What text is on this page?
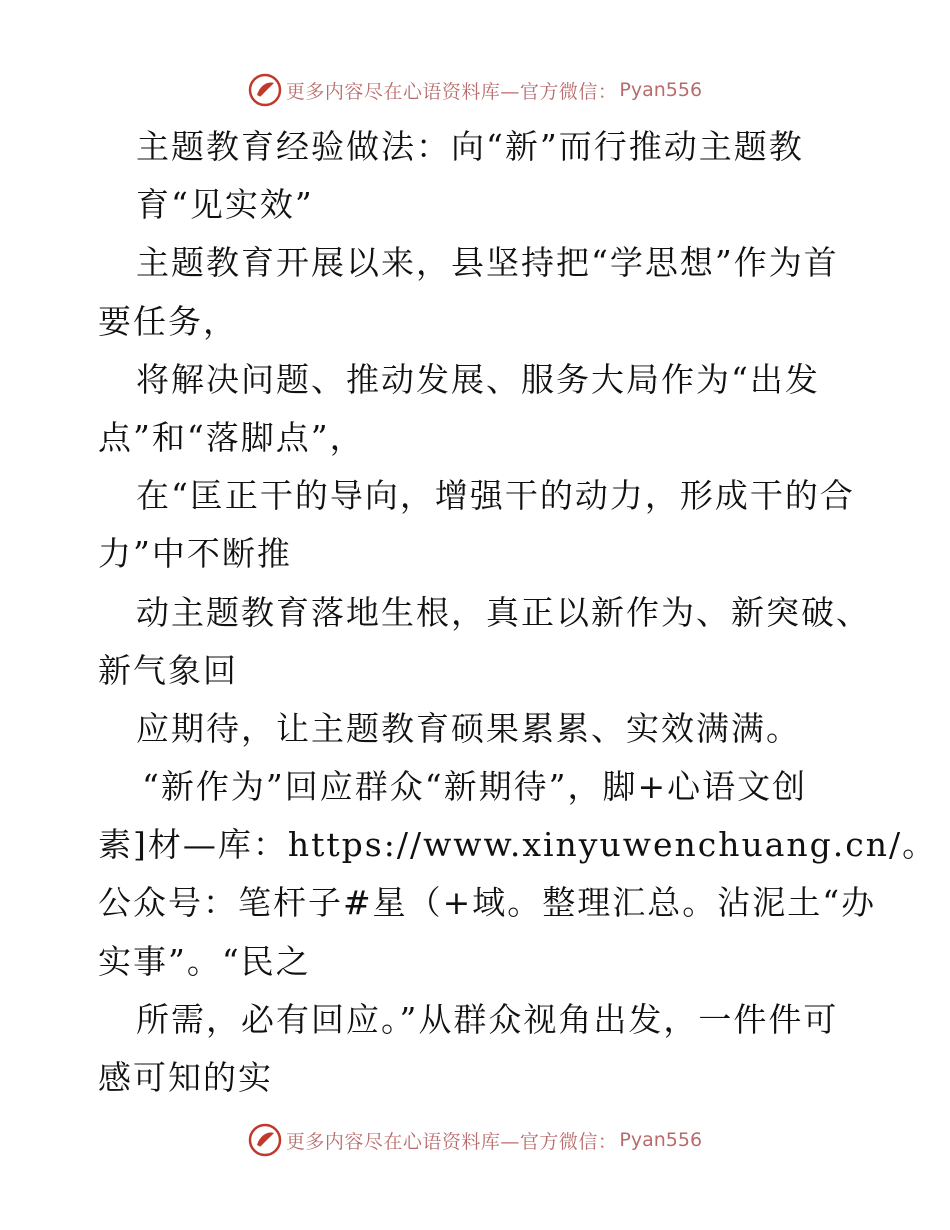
更多内容尽在心语资料库—官方微信： Pyan556
主题教育经验做法：向“新”而行推动主题教
育“见实效”
主题教育开展以来，县坚持把“学思想”作为首
要任务，
将解决问题、推动发展、服务大局作为“出发
点”和“落脚点”，
在“匡正干的导向，增强干的动力，形成干的合
力”中不断推
动主题教育落地生根，真正以新作为、新突破、
新气象回
应期待，让主题教育硕果累累、实效满满。
“新作为”回应群众“新期待”，脚+心语文创
素]材—库：https://www.xinyuwenchuang.cn/。
公众号：笔杆子#星（+域。整理汇总。沾泥土“办
实事”。“民之
所需，必有回应。”从群众视角出发，一件件可
感可知的实
更多内容尽在心语资料库—官方微信： Pyan556
